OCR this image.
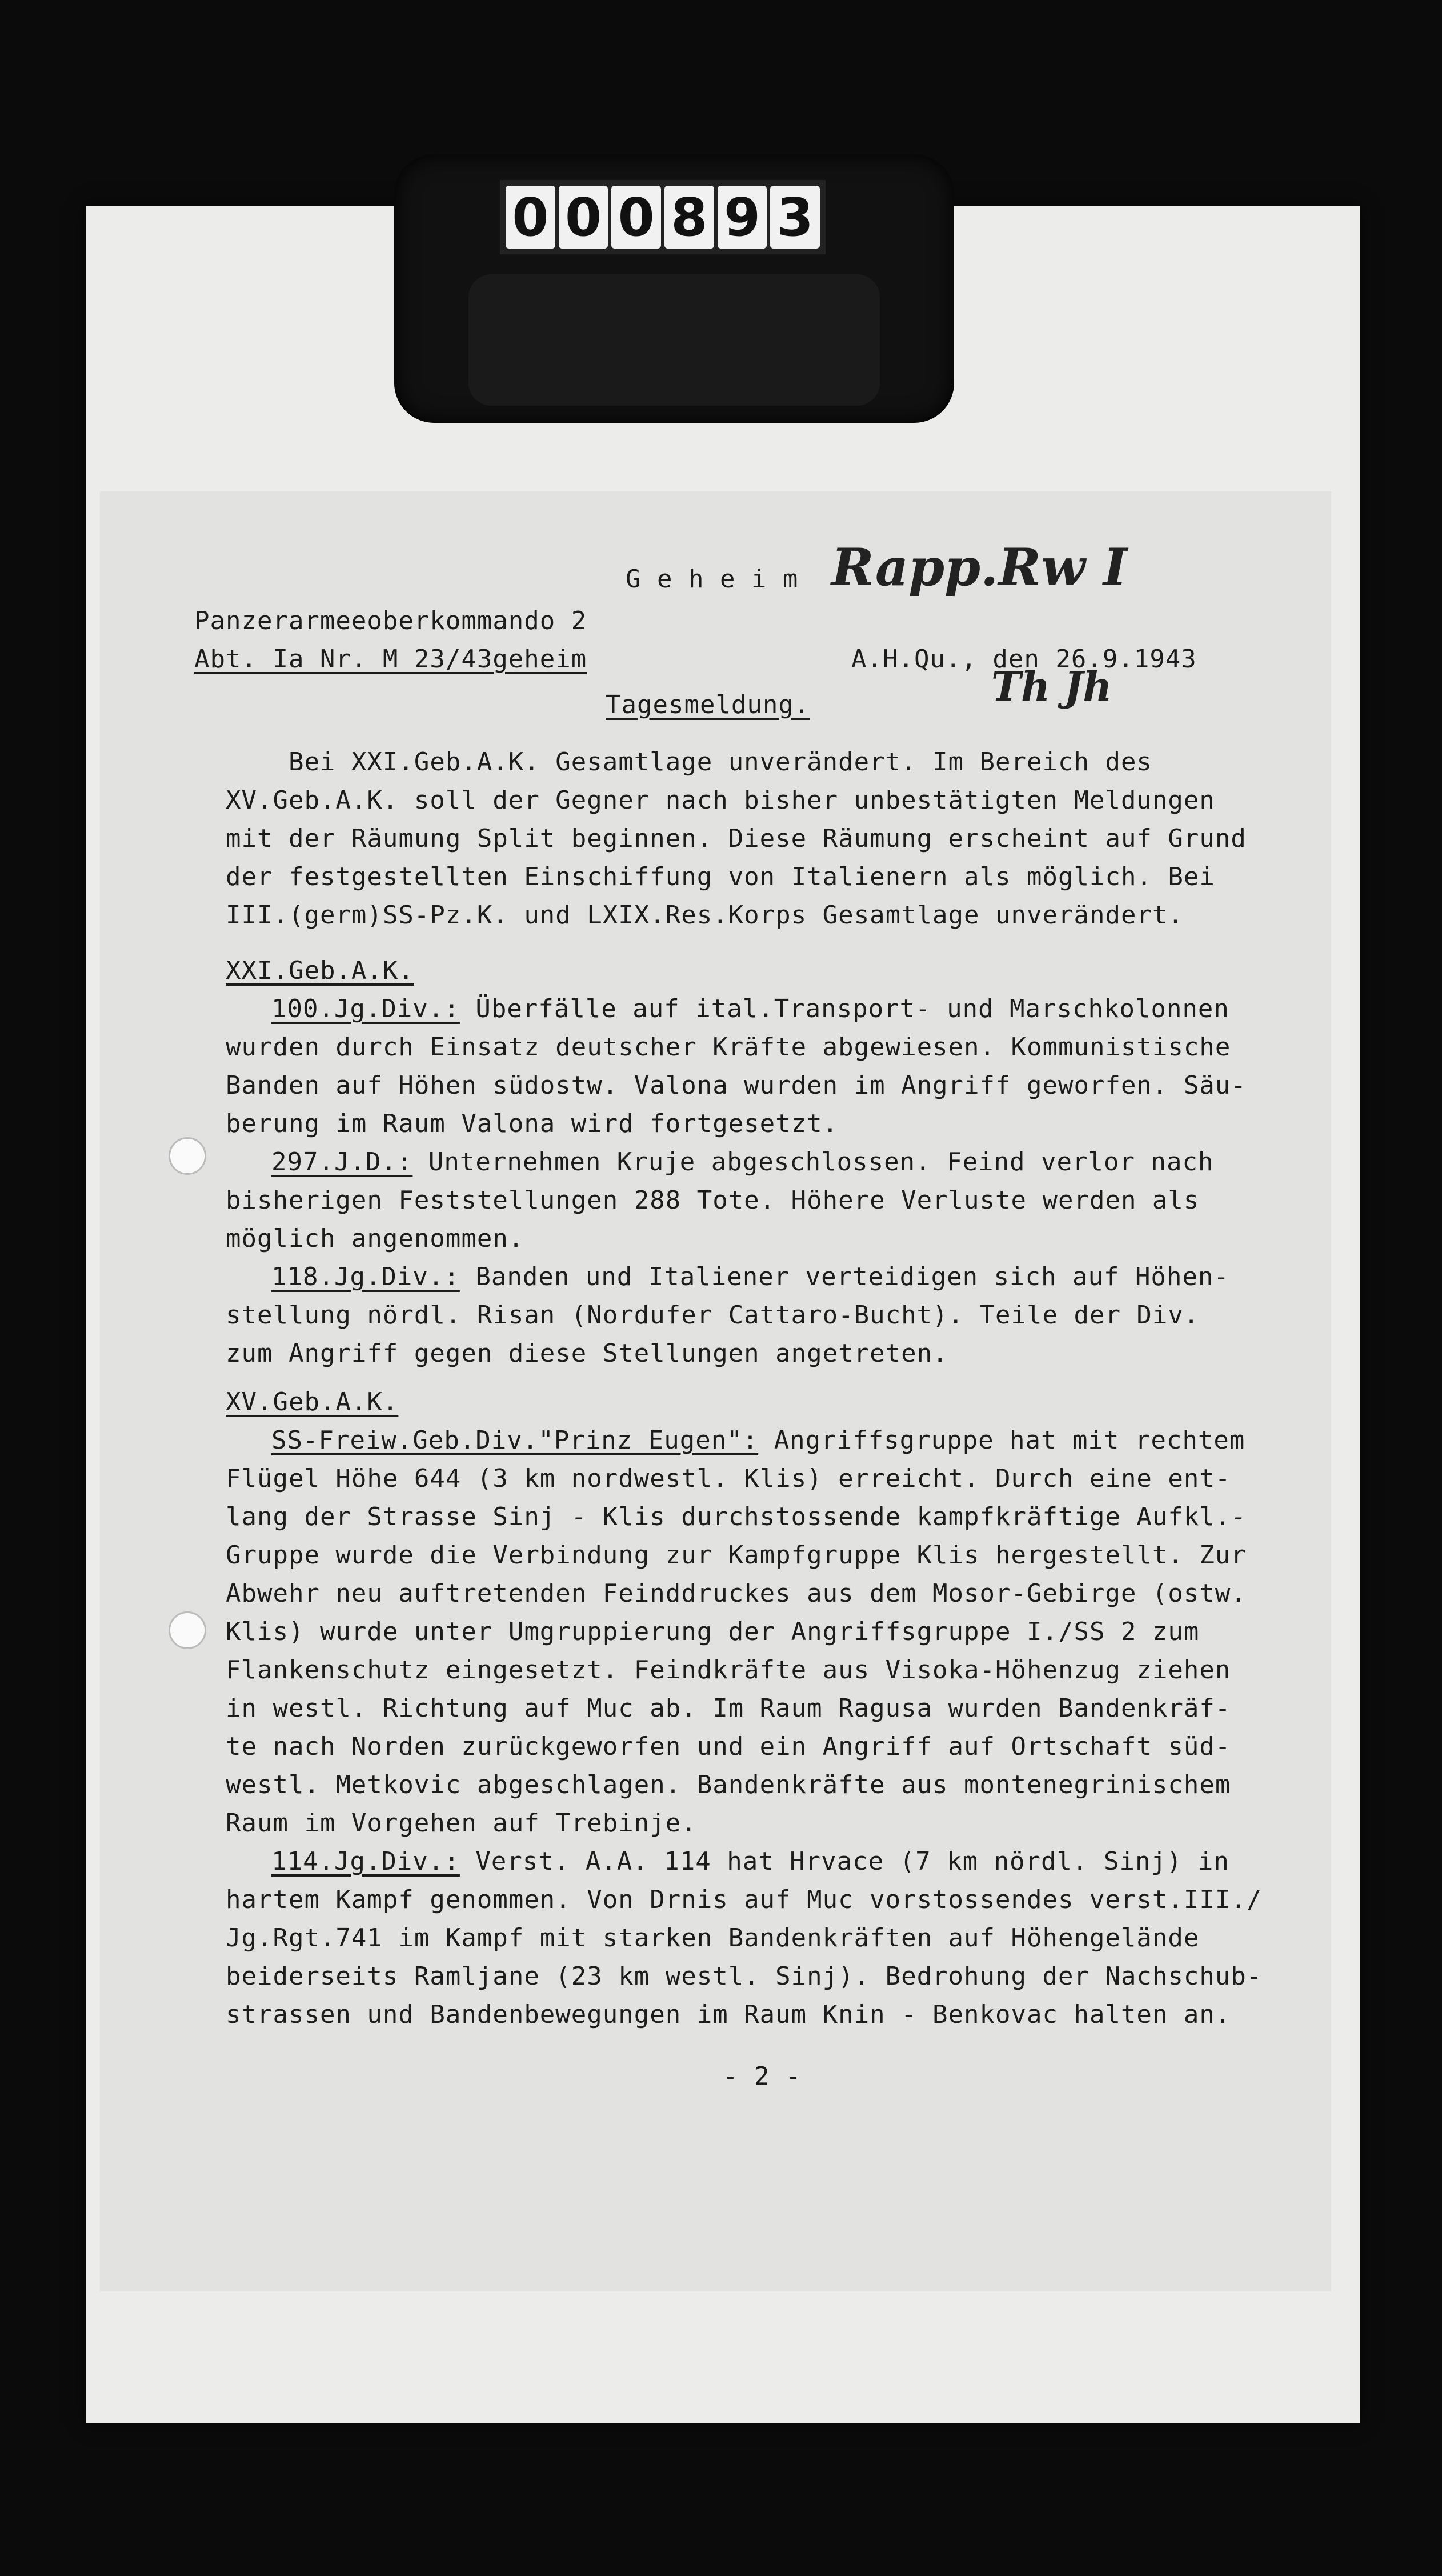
0 0 0 8 9 3
G e h e i m Rapp.Rw I
Panzerarmeeoberkommando 2
Abt. Ia Nr. M 23/43geheim	A.H.Qu., den 26.9.1943
Th Jh
Tagesmeldung.

Bei XXI.Geb.A.K. Gesamtlage unverändert. Im Bereich des

XV.Geb.A.K. soll der Gegner nach bisher unbestätigten Meldungen

mit der Räumung Split beginnen. Diese Räumung erscheint auf Grund

der festgestellten Einschiffung von Italienern als möglich. Bei

III.(germ)SS-Pz.K. und LXIX.Res.Korps Gesamtlage unverändert.

XXI.Geb.A.K.

100.Jg.Div.: Überfälle auf ital.Transport- und Marschkolonnen

wurden durch Einsatz deutscher Kräfte abgewiesen. Kommunistische

Banden auf Höhen südostw. Valona wurden im Angriff geworfen. Säu-

berung im Raum Valona wird fortgesetzt.

297.J.D.: Unternehmen Kruje abgeschlossen. Feind verlor nach

bisherigen Feststellungen 288 Tote. Höhere Verluste werden als

möglich angenommen.

118.Jg.Div.: Banden und Italiener verteidigen sich auf Höhen-

stellung nördl. Risan (Nordufer Cattaro-Bucht). Teile der Div.

zum Angriff gegen diese Stellungen angetreten.

XV.Geb.A.K.

SS-Freiw.Geb.Div."Prinz Eugen": Angriffsgruppe hat mit rechtem

Flügel Höhe 644 (3 km nordwestl. Klis) erreicht. Durch eine ent-

lang der Strasse Sinj - Klis durchstossende kampfkräftige Aufkl.-

Gruppe wurde die Verbindung zur Kampfgruppe Klis hergestellt. Zur

Abwehr neu auftretenden Feinddruckes aus dem Mosor-Gebirge (ostw.

Klis) wurde unter Umgruppierung der Angriffsgruppe I./SS 2 zum

Flankenschutz eingesetzt. Feindkräfte aus Visoka-Höhenzug ziehen

in westl. Richtung auf Muc ab. Im Raum Ragusa wurden Bandenkräf-

te nach Norden zurückgeworfen und ein Angriff auf Ortschaft süd-

westl. Metkovic abgeschlagen. Bandenkräfte aus montenegrinischem

Raum im Vorgehen auf Trebinje.

114.Jg.Div.: Verst. A.A. 114 hat Hrvace (7 km nördl. Sinj) in

hartem Kampf genommen. Von Drnis auf Muc vorstossendes verst.III./

Jg.Rgt.741 im Kampf mit starken Bandenkräften auf Höhengelände

beiderseits Ramljane (23 km westl. Sinj). Bedrohung der Nachschub-

strassen und Bandenbewegungen im Raum Knin - Benkovac halten an.

- 2 -
